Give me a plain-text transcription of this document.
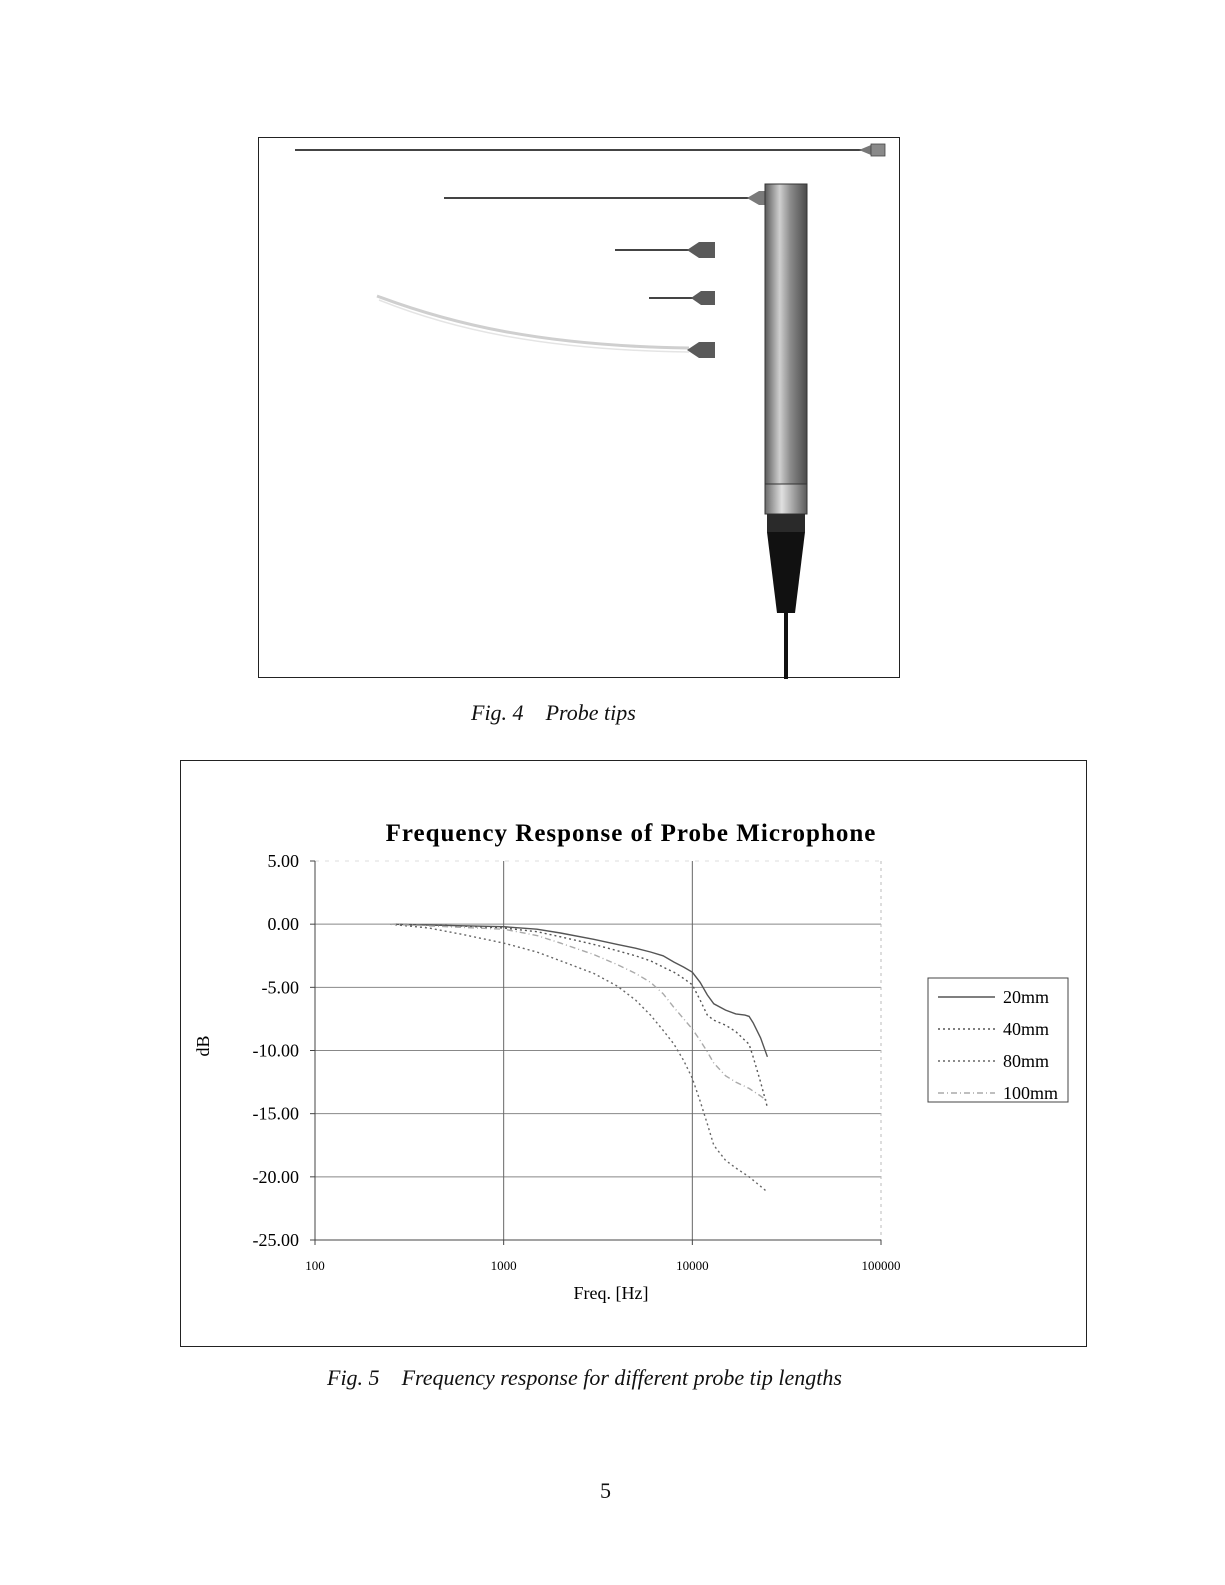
Fig. 4 Probe tips
Frequency Response of Probe Microphone
5.00
0.00
-5.00
-10.00
-15.00
-20.00
-25.00
100	1000	10000	100000
Freq. [Hz]
dB
20mm
40mm
80mm
100mm
Fig. 5 Frequency response for different probe tip lengths
5
